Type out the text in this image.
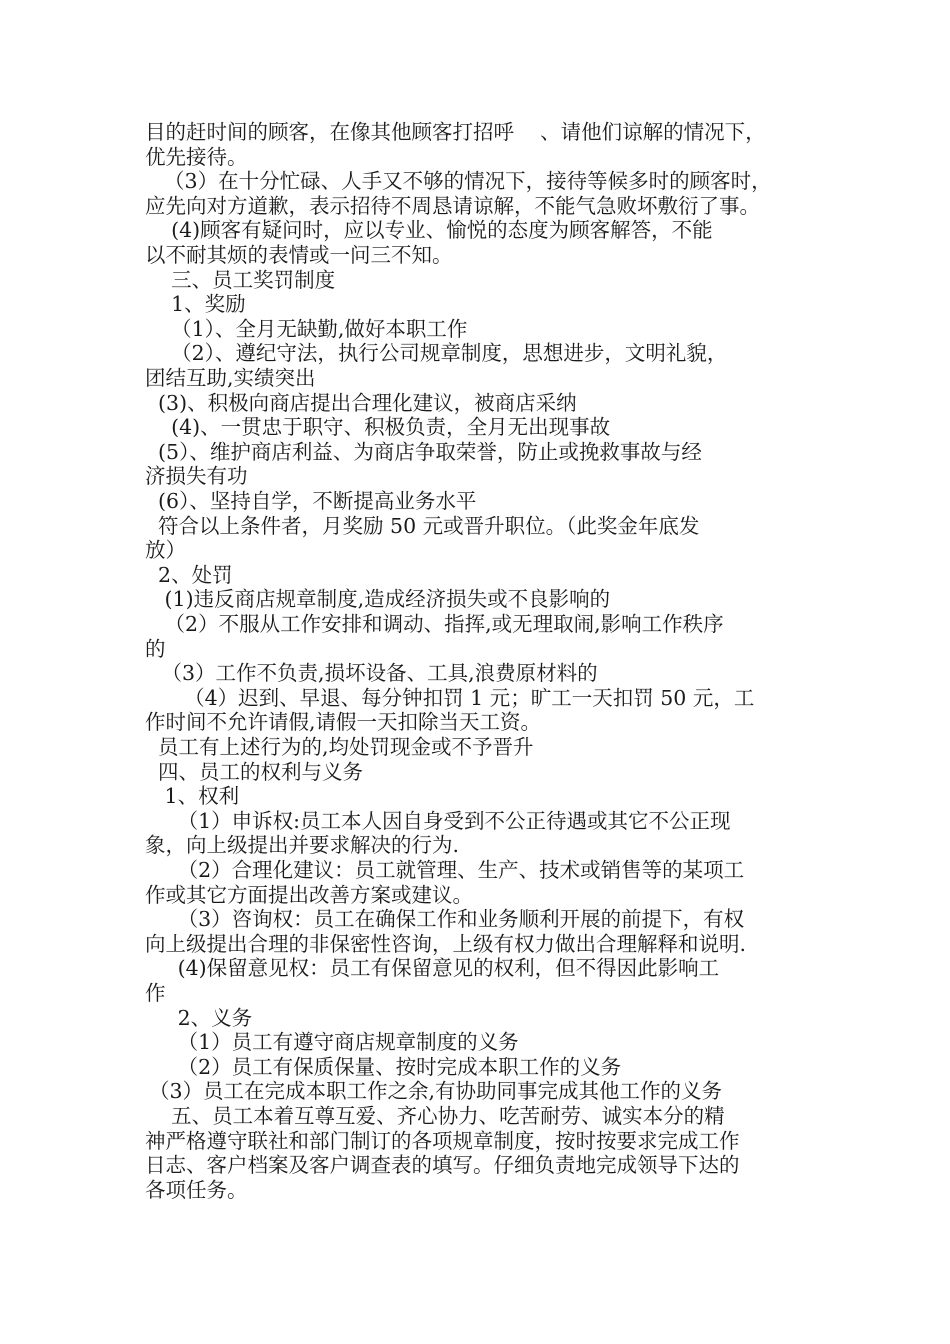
目的赶时间的顾客，在像其他顾客打招呼    、请他们谅解的情况下，
优先接待。
（3）在十分忙碌、人手又不够的情况下，接待等候多时的顾客时，
应先向对方道歉，表示招待不周恳请谅解，不能气急败坏敷衍了事。
(4)顾客有疑问时，应以专业、愉悦的态度为顾客解答，不能
以不耐其烦的表情或一问三不知。
三、员工奖罚制度
1、奖励
（1）、全月无缺勤,做好本职工作
（2）、遵纪守法，执行公司规章制度，思想进步，文明礼貌，
团结互助,实绩突出
(3)、积极向商店提出合理化建议，被商店采纳
(4)、一贯忠于职守、积极负责，全月无出现事故
(5）、维护商店利益、为商店争取荣誉，防止或挽救事故与经
济损失有功
(6）、坚持自学，不断提高业务水平
符合以上条件者，月奖励 50 元或晋升职位。（此奖金年底发
放）
2、处罚
(1)违反商店规章制度,造成经济损失或不良影响的
（2）不服从工作安排和调动、指挥,或无理取闹,影响工作秩序
的
（3）工作不负责,损坏设备、工具,浪费原材料的
（4）迟到、早退、每分钟扣罚 1 元；旷工一天扣罚 50 元，工
作时间不允许请假,请假一天扣除当天工资。
员工有上述行为的,均处罚现金或不予晋升
四、员工的权利与义务
1、权利
（1）申诉权:员工本人因自身受到不公正待遇或其它不公正现
象，向上级提出并要求解决的行为.
（2）合理化建议：员工就管理、生产、技术或销售等的某项工
作或其它方面提出改善方案或建议。
（3）咨询权：员工在确保工作和业务顺利开展的前提下，有权
向上级提出合理的非保密性咨询，上级有权力做出合理解释和说明.
(4)保留意见权：员工有保留意见的权利，但不得因此影响工
作
2、义务
（1）员工有遵守商店规章制度的义务
（2）员工有保质保量、按时完成本职工作的义务
（3）员工在完成本职工作之余,有协助同事完成其他工作的义务
五、员工本着互尊互爱、齐心协力、吃苦耐劳、诚实本分的精
神严格遵守联社和部门制订的各项规章制度，按时按要求完成工作
日志、客户档案及客户调查表的填写。仔细负责地完成领导下达的
各项任务。
